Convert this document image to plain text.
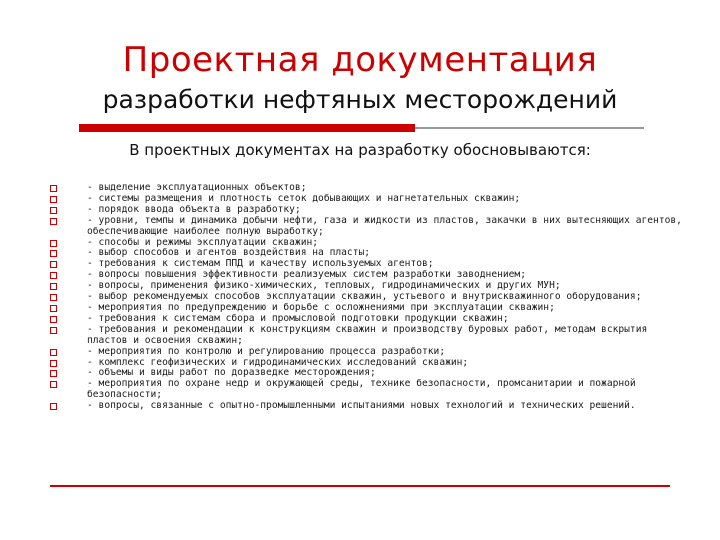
Проектная документация
разработки нефтяных месторождений
В проектных документах на разработку обосновываются:
- выделение эксплуатационных объектов;
- системы размещения и плотность сеток добывающих и нагнетательных скважин;
- порядок ввода объекта в разработку;
- уровни, темпы и динамика добычи нефти, газа и жидкости из пластов, закачки в них вытесняющих агентов, обеспечивающие наиболее полную выработку;
- способы и режимы эксплуатации скважин;
- выбор способов и агентов воздействия на пласты;
- требования к системам ППД и качеству используемых агентов;
- вопросы повышения эффективности реализуемых систем разработки заводнением;
- вопросы, применения физико-химических, тепловых, гидродинамических и других МУН;
- выбор рекомендуемых способов эксплуатации скважин, устьевого и внутрискважинного оборудования;
- мероприятия по предупреждению и борьбе с осложнениями при эксплуатации скважин;
- требования к системам сбора и промысловой подготовки продукции скважин;
- требования и рекомендации к конструкциям скважин и производству буровых работ, методам вскрытия пластов и освоения скважин;
- мероприятия по контролю и регулированию процесса разработки;
- комплекс геофизических и гидродинамических исследований скважин;
- объемы и виды работ по доразведке месторождения;
- мероприятия по охране недр и окружающей среды, технике безопасности, промсанитарии и пожарной безопасности;
- вопросы, связанные с опытно-промышленными испытаниями новых технологий и технических решений.
